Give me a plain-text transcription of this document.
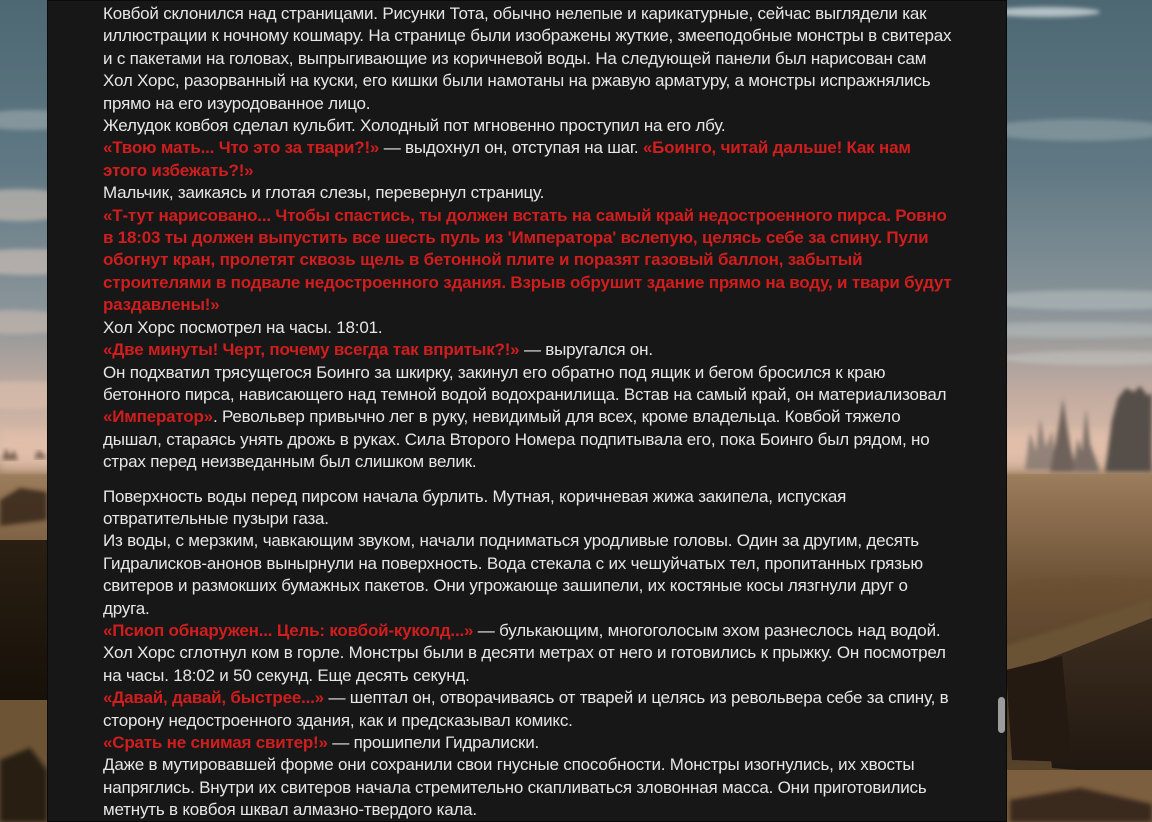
Ковбой склонился над страницами. Рисунки Тота, обычно нелепые и карикатурные, сейчас выглядели как иллюстрации к ночному кошмару. На странице были изображены жуткие, змееподобные монстры в свитерах и с пакетами на головах, выпрыгивающие из коричневой воды. На следующей панели был нарисован сам Хол Хорс, разорванный на куски, его кишки были намотаны на ржавую арматуру, а монстры испражнялись прямо на его изуродованное лицо.
Желудок ковбоя сделал кульбит. Холодный пот мгновенно проступил на его лбу.
«Твою мать... Что это за твари?!» — выдохнул он, отступая на шаг. «Боинго, читай дальше! Как нам этого избежать?!»
Мальчик, заикаясь и глотая слезы, перевернул страницу.
«Т-тут нарисовано... Чтобы спастись, ты должен встать на самый край недостроенного пирса. Ровно в 18:03 ты должен выпустить все шесть пуль из 'Императора' вслепую, целясь себе за спину. Пули обогнут кран, пролетят сквозь щель в бетонной плите и поразят газовый баллон, забытый строителями в подвале недостроенного здания. Взрыв обрушит здание прямо на воду, и твари будут раздавлены!»
Хол Хорс посмотрел на часы. 18:01.
«Две минуты! Черт, почему всегда так впритык?!» — выругался он.
Он подхватил трясущегося Боинго за шкирку, закинул его обратно под ящик и бегом бросился к краю бетонного пирса, нависающего над темной водой водохранилища. Встав на самый край, он материализовал «Император». Револьвер привычно лег в руку, невидимый для всех, кроме владельца. Ковбой тяжело дышал, стараясь унять дрожь в руках. Сила Второго Номера подпитывала его, пока Боинго был рядом, но страх перед неизведанным был слишком велик.
Поверхность воды перед пирсом начала бурлить. Мутная, коричневая жижа закипела, испуская отвратительные пузыри газа.
Из воды, с мерзким, чавкающим звуком, начали подниматься уродливые головы. Один за другим, десять Гидралисков-анонов вынырнули на поверхность. Вода стекала с их чешуйчатых тел, пропитанных грязью свитеров и размокших бумажных пакетов. Они угрожающе зашипели, их костяные косы лязгнули друг о друга.
«Псиоп обнаружен... Цель: ковбой-куколд...» — булькающим, многоголосым эхом разнеслось над водой.
Хол Хорс сглотнул ком в горле. Монстры были в десяти метрах от него и готовились к прыжку. Он посмотрел на часы. 18:02 и 50 секунд. Еще десять секунд.
«Давай, давай, быстрее...» — шептал он, отворачиваясь от тварей и целясь из револьвера себе за спину, в сторону недостроенного здания, как и предсказывал комикс.
«Срать не снимая свитер!» — прошипели Гидралиски.
Даже в мутировавшей форме они сохранили свои гнусные способности. Монстры изогнулись, их хвосты напряглись. Внутри их свитеров начала стремительно скапливаться зловонная масса. Они приготовились метнуть в ковбоя шквал алмазно-твердого кала.
